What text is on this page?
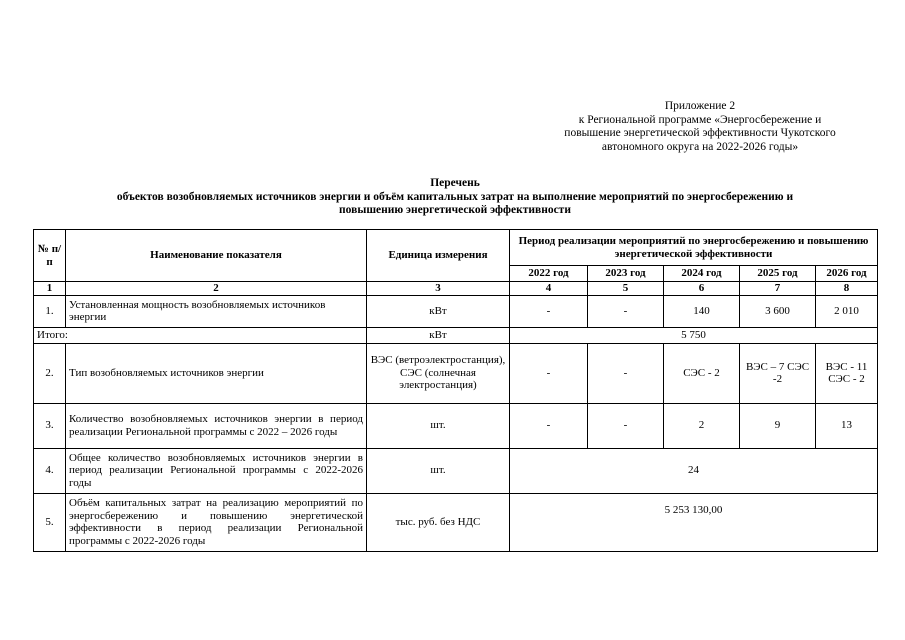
Приложение 2
к Региональной программе «Энергосбережение и
повышение энергетической эффективности Чукотского
автономного округа на 2022-2026 годы»
Перечень
объектов возобновляемых источников энергии и объём капитальных затрат на выполнение мероприятий по энергосбережению и
повышению энергетической эффективности
№ п/п	Наименование показателя	Единица измерения	Период реализации мероприятий по энергосбережению и повышению энергетической эффективности				
			2022 год	2023 год	2024 год	2025 год	2026 год
1	2	3	4	5	6	7	8
1.	Установленная мощность возобновляемых источников энергии	кВт	-	-	140	3 600	2 010
Итого:		кВт	5 750				
2.	Тип возобновляемых источников энергии	ВЭС (ветроэлектростанция), СЭС (солнечная электростанция)	-	-	СЭС - 2	ВЭС – 7 СЭС -2	ВЭС - 11 СЭС - 2
3.	Количество возобновляемых источников энергии в период реализации Региональной программы с 2022 – 2026 годы	шт.	-	-	2	9	13
4.	Общее количество возобновляемых источников энергии в период реализации Региональной программы с 2022-2026 годы	шт.	24				
5.	Объём капитальных затрат на реализацию мероприятий по энергосбережению и повышению энергетической эффективности в период реализации Региональной программы с 2022-2026 годы	тыс. руб. без НДС	5 253 130,00				
